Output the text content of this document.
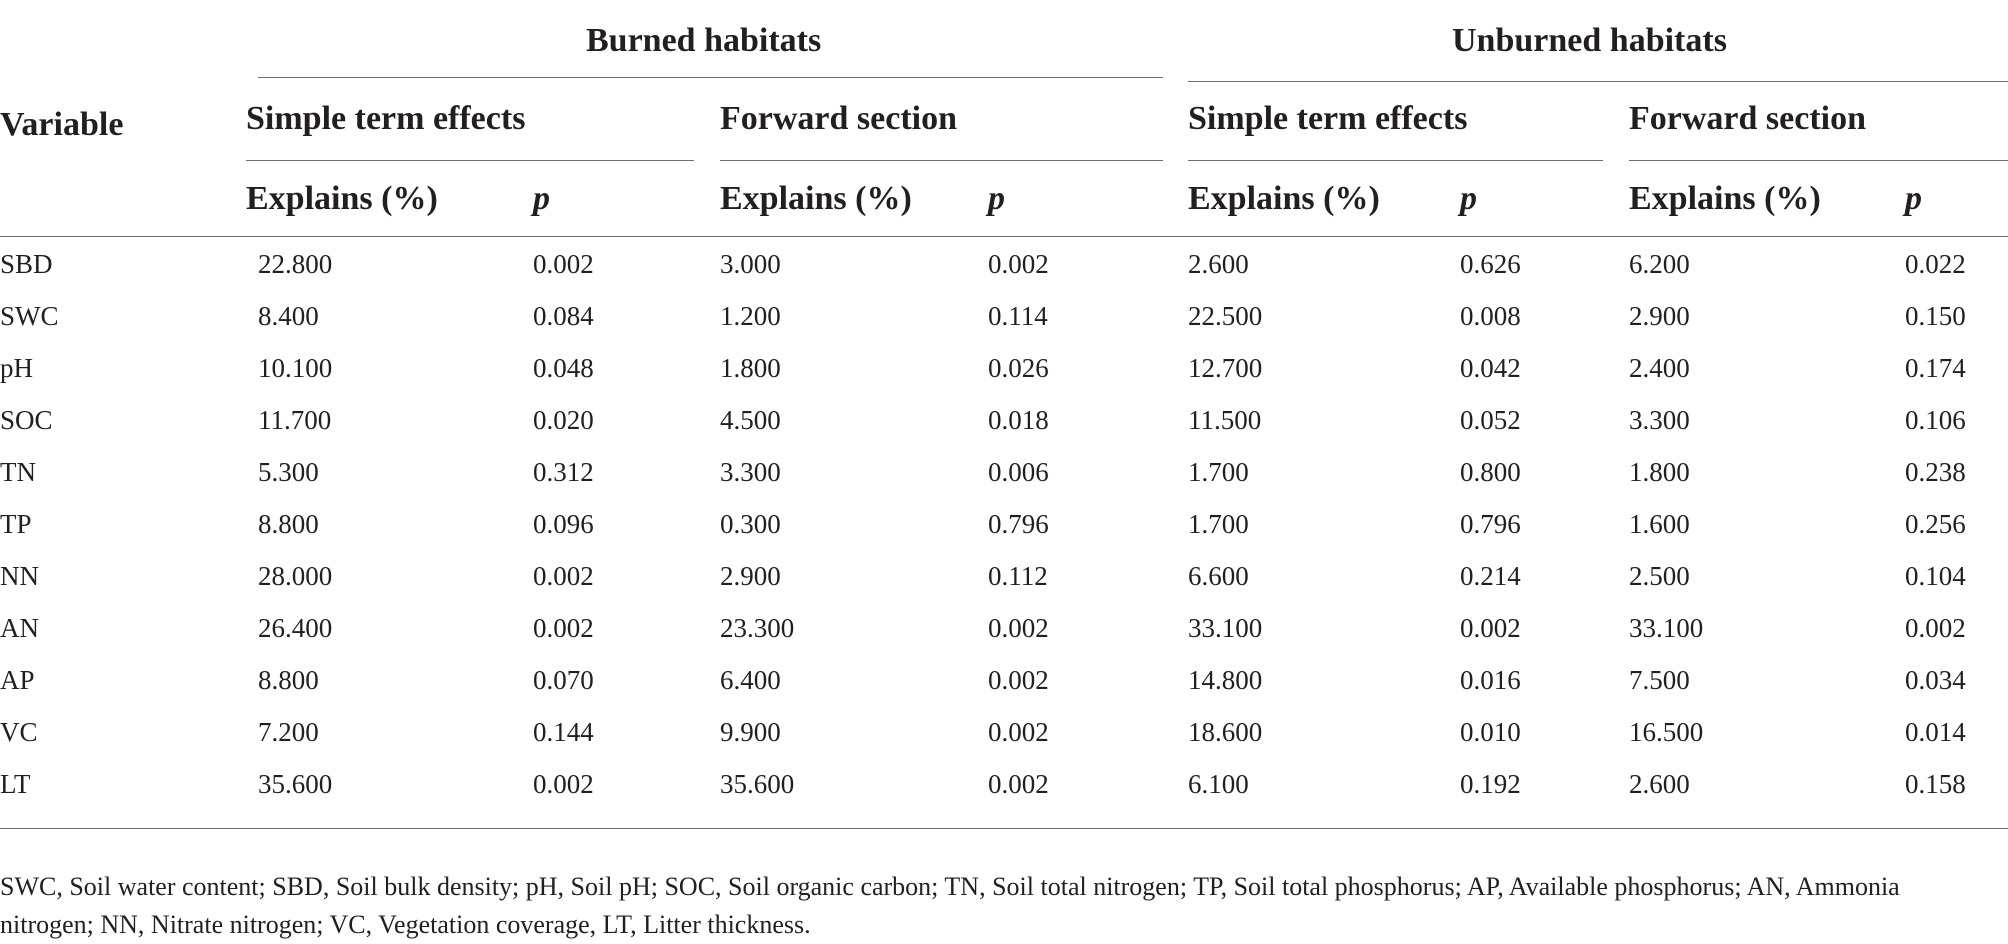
Burned habitats	Unburned habitats
Variable	Simple term effects	Forward section	Simple term effects	Forward section
Explains (%)	p	Explains (%) p	Explains (%) p	Explains (%) p
SBD	22.800	0.002	3.000	0.002	2.600	0.626	6.200	0.022
SWC	8.400	0.084	1.200	0.114	22.500	0.008	2.900	0.150
pH	10.100	0.048	1.800	0.026	12.700	0.042	2.400	0.174
SOC	11.700	0.020	4.500	0.018	11.500	0.052	3.300	0.106
TN	5.300	0.312	3.300	0.006	1.700	0.800	1.800	0.238
TP	8.800	0.096	0.300	0.796	1.700	0.796	1.600	0.256
NN	28.000	0.002	2.900	0.112	6.600	0.214	2.500	0.104
AN	26.400	0.002	23.300	0.002	33.100	0.002	33.100	0.002
AP	8.800	0.070	6.400	0.002	14.800	0.016	7.500	0.034
VC	7.200	0.144	9.900	0.002	18.600	0.010	16.500	0.014
LT	35.600	0.002	35.600	0.002	6.100	0.192	2.600	0.158
SWC, Soil water content; SBD, Soil bulk density; pH, Soil pH; SOC, Soil organic carbon; TN, Soil total nitrogen; TP, Soil total phosphorus; AP, Available phosphorus; AN, Ammonia nitrogen; NN, Nitrate nitrogen; VC, Vegetation coverage, LT, Litter thickness.
